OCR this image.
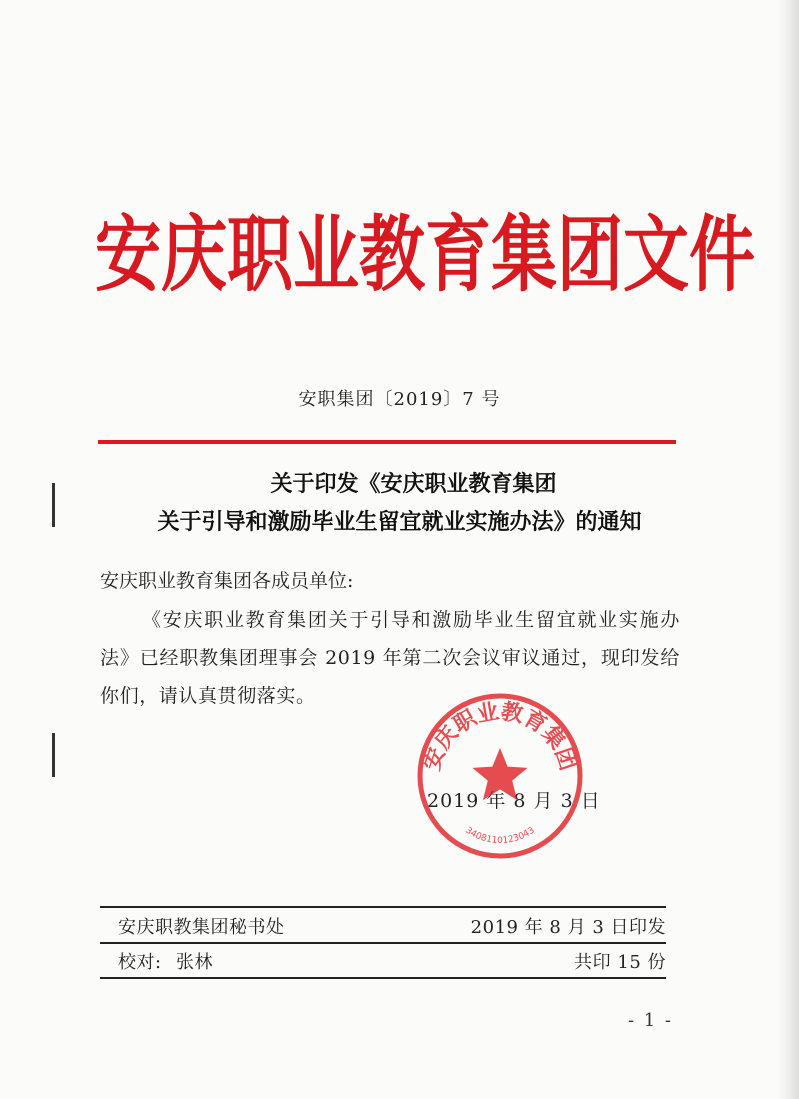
安庆职业教育集团文件
安职集团〔2019〕7 号
关于印发《安庆职业教育集团
关于引导和激励毕业生留宜就业实施办法》的通知
安庆职业教育集团各成员单位:
《安庆职业教育集团关于引导和激励毕业生留宜就业实施办法》已经职教集团理事会 2019 年第二次会议审议通过，现印发给你们，请认真贯彻落实。
2019 年 8 月 3 日
安庆职业教育集团
3408110123043
安庆职教集团秘书处	2019 年 8 月 3 日印发
校对: 张林	共印 15 份
- 1 -
